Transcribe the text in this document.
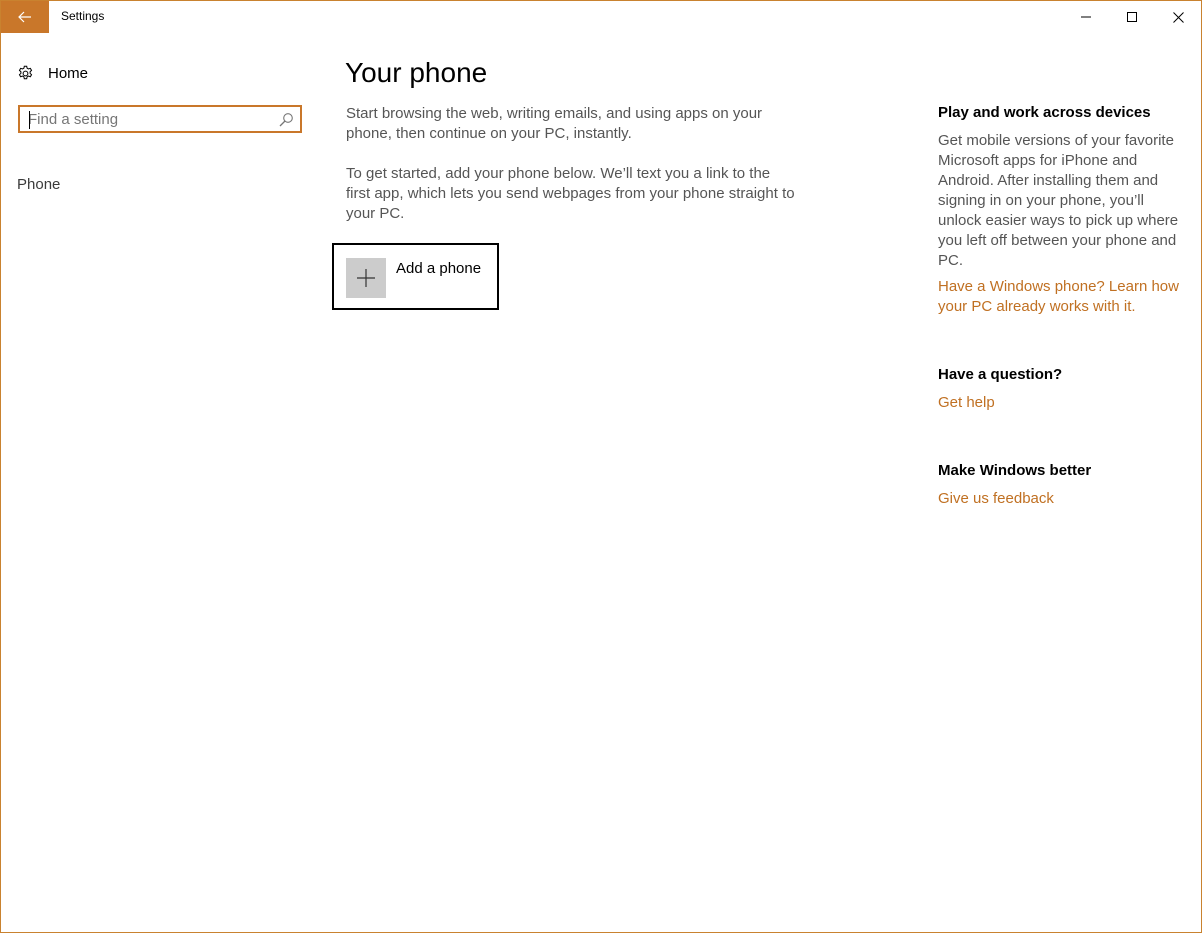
Settings
Home
Find a setting
Phone
Your phone

Start browsing the web, writing emails, and using apps on your phone, then continue on your PC, instantly.

To get started, add your phone below. We’ll text you a link to the first app, which lets you send webpages from your phone straight to your PC.

Add a phone
Play and work across devices

Get mobile versions of your favorite Microsoft apps for iPhone and Android. After installing them and signing in on your phone, you’ll unlock easier ways to pick up where you left off between your phone and PC.

Have a Windows phone? Learn how your PC already works with it.
Have a question?
Get help
Make Windows better
Give us feedback
